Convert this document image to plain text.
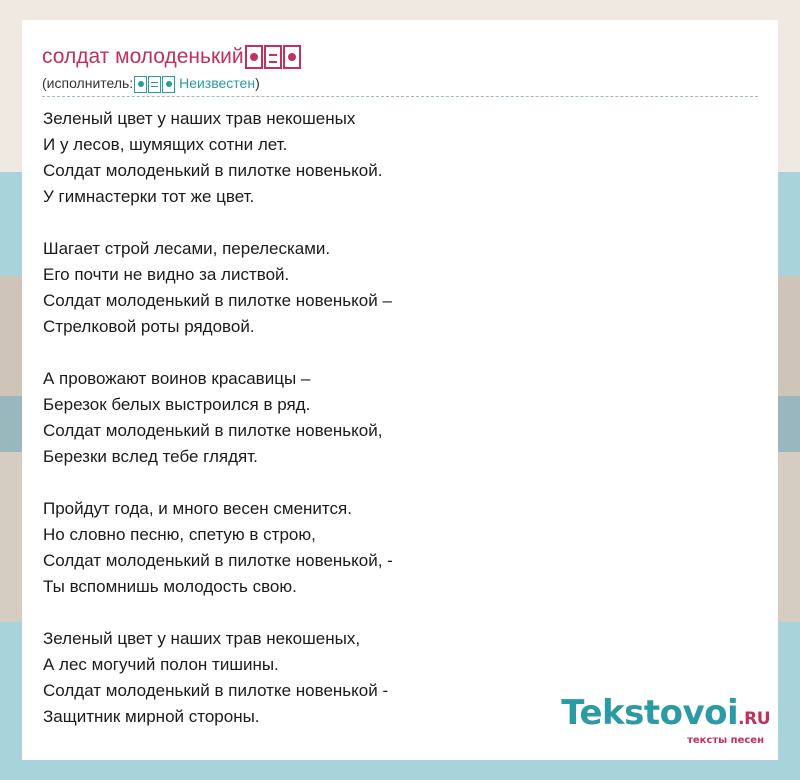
солдат молоденький
(исполнитель:	Неизвестен)
Зеленый цвет у наших трав некошеных
И у лесов, шумящих сотни лет.
Солдат молоденький в пилотке новенькой.
У гимнастерки тот же цвет.
Шагает строй лесами, перелесками.
Его почти не видно за листвой.
Солдат молоденький в пилотке новенькой –
Стрелковой роты рядовой.
А провожают воинов красавицы –
Березок белых выстроился в ряд.
Солдат молоденький в пилотке новенькой,
Березки вслед тебе глядят.
Пройдут года, и много весен сменится.
Но словно песню, спетую в строю,
Солдат молоденький в пилотке новенькой, -
Ты вспомнишь молодость свою.
Зеленый цвет у наших трав некошеных,
А лес могучий полон тишины.
Солдат молоденький в пилотке новенькой -
Защитник мирной стороны.	Tekstovoi.RU
тексты песен
